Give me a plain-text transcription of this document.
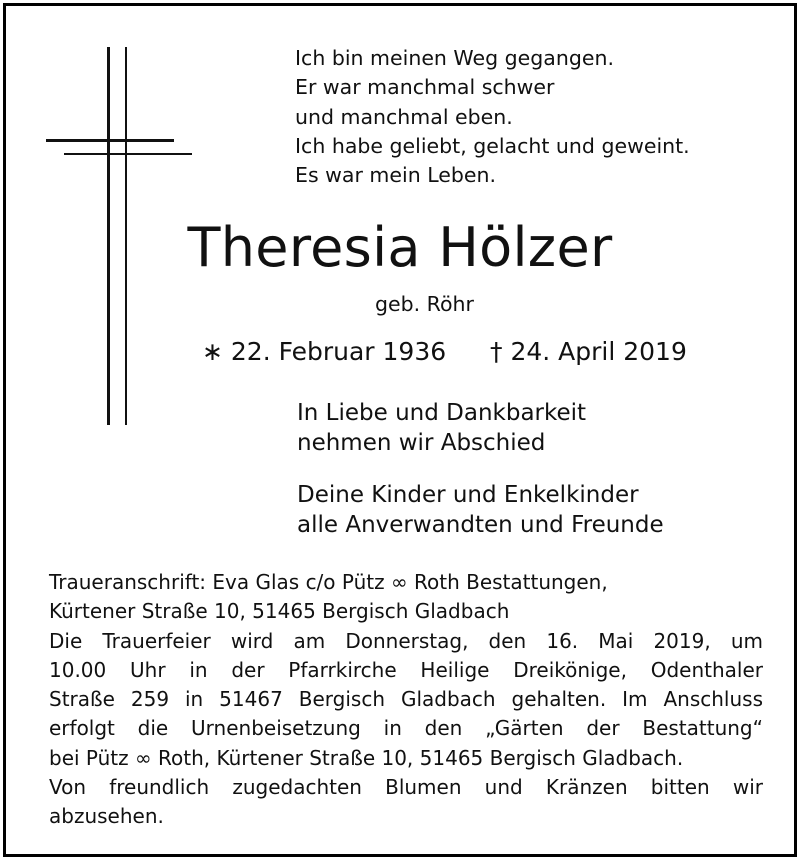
Ich bin meinen Weg gegangen.
Er war manchmal schwer
und manchmal eben.
Ich habe geliebt, gelacht und geweint.
Es war mein Leben.
Theresia Hölzer
geb. Röhr
∗ 22. Februar 1936 † 24. April 2019
In Liebe und Dankbarkeit
nehmen wir Abschied
Deine Kinder und Enkelkinder
alle Anverwandten und Freunde
Traueranschrift: Eva Glas c/o Pütz ∞ Roth Bestattungen,
Kürtener Straße 10, 51465 Bergisch Gladbach
Die Trauerfeier wird am Donnerstag, den 16. Mai 2019, um
10.00 Uhr in der Pfarrkirche Heilige Dreikönige, Odenthaler
Straße 259 in 51467 Bergisch Gladbach gehalten. Im Anschluss
erfolgt die Urnenbeisetzung in den „Gärten der Bestattung“
bei Pütz ∞ Roth, Kürtener Straße 10, 51465 Bergisch Gladbach.
Von freundlich zugedachten Blumen und Kränzen bitten wir
abzusehen.
